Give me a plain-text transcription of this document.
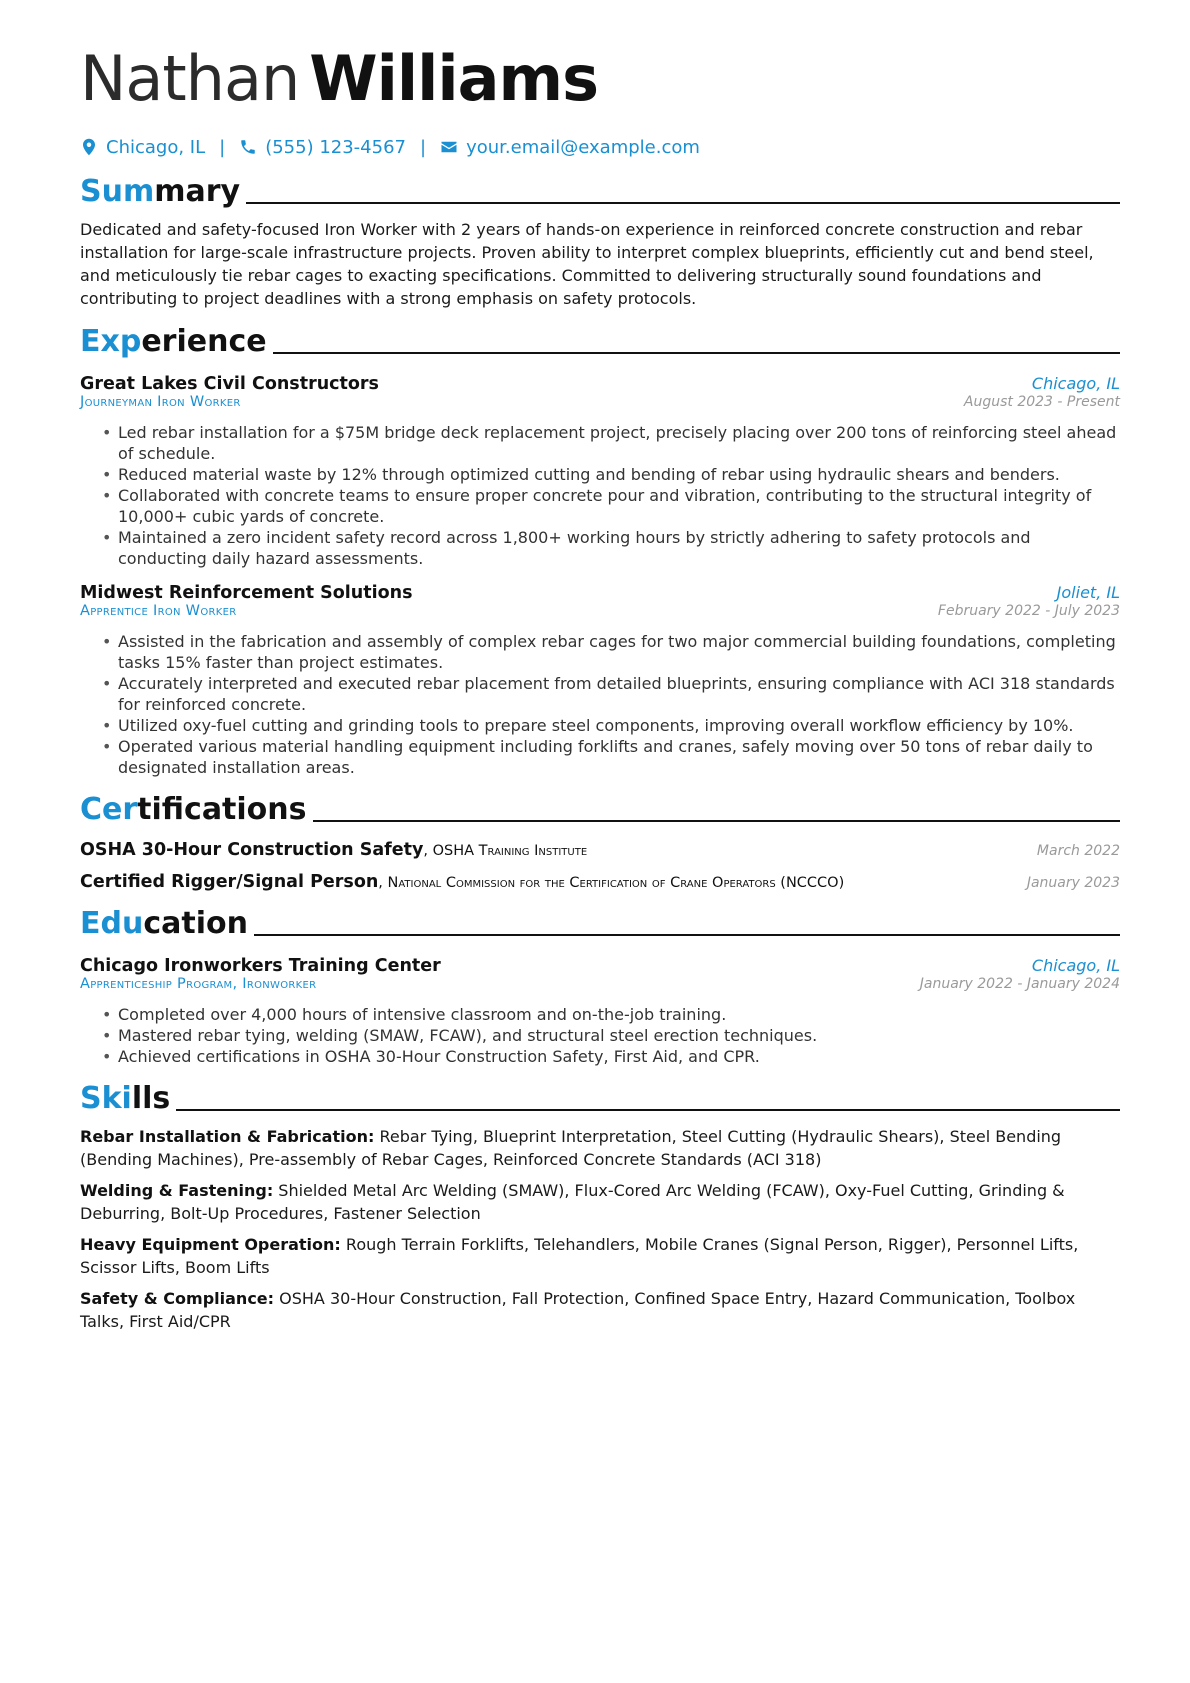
Nathan Williams
Chicago, IL | (555) 123-4567 | your.email@example.com
Summary
Dedicated and safety-focused Iron Worker with 2 years of hands-on experience in reinforced concrete construction and rebar installation for large-scale infrastructure projects. Proven ability to interpret complex blueprints, efficiently cut and bend steel, and meticulously tie rebar cages to exacting specifications. Committed to delivering structurally sound foundations and contributing to project deadlines with a strong emphasis on safety protocols.
Experience
Great Lakes Civil Constructors	Chicago, IL
Journeyman Iron Worker	August 2023 - Present
• Led rebar installation for a $75M bridge deck replacement project, precisely placing over 200 tons of reinforcing steel ahead of schedule.
• Reduced material waste by 12% through optimized cutting and bending of rebar using hydraulic shears and benders.
• Collaborated with concrete teams to ensure proper concrete pour and vibration, contributing to the structural integrity of 10,000+ cubic yards of concrete.
• Maintained a zero incident safety record across 1,800+ working hours by strictly adhering to safety protocols and conducting daily hazard assessments.
Midwest Reinforcement Solutions	Joliet, IL
Apprentice Iron Worker	February 2022 - July 2023
• Assisted in the fabrication and assembly of complex rebar cages for two major commercial building foundations, completing tasks 15% faster than project estimates.
• Accurately interpreted and executed rebar placement from detailed blueprints, ensuring compliance with ACI 318 standards for reinforced concrete.
• Utilized oxy-fuel cutting and grinding tools to prepare steel components, improving overall workflow efficiency by 10%.
• Operated various material handling equipment including forklifts and cranes, safely moving over 50 tons of rebar daily to designated installation areas.
Certifications
OSHA 30-Hour Construction Safety, OSHA Training Institute	March 2022
Certified Rigger/Signal Person, National Commission for the Certification of Crane Operators (NCCCO)	January 2023
Education
Chicago Ironworkers Training Center	Chicago, IL
Apprenticeship Program, Ironworker	January 2022 - January 2024
• Completed over 4,000 hours of intensive classroom and on-the-job training.
• Mastered rebar tying, welding (SMAW, FCAW), and structural steel erection techniques.
• Achieved certifications in OSHA 30-Hour Construction Safety, First Aid, and CPR.
Skills
Rebar Installation & Fabrication: Rebar Tying, Blueprint Interpretation, Steel Cutting (Hydraulic Shears), Steel Bending (Bending Machines), Pre-assembly of Rebar Cages, Reinforced Concrete Standards (ACI 318)
Welding & Fastening: Shielded Metal Arc Welding (SMAW), Flux-Cored Arc Welding (FCAW), Oxy-Fuel Cutting, Grinding & Deburring, Bolt-Up Procedures, Fastener Selection
Heavy Equipment Operation: Rough Terrain Forklifts, Telehandlers, Mobile Cranes (Signal Person, Rigger), Personnel Lifts, Scissor Lifts, Boom Lifts
Safety & Compliance: OSHA 30-Hour Construction, Fall Protection, Confined Space Entry, Hazard Communication, Toolbox Talks, First Aid/CPR
